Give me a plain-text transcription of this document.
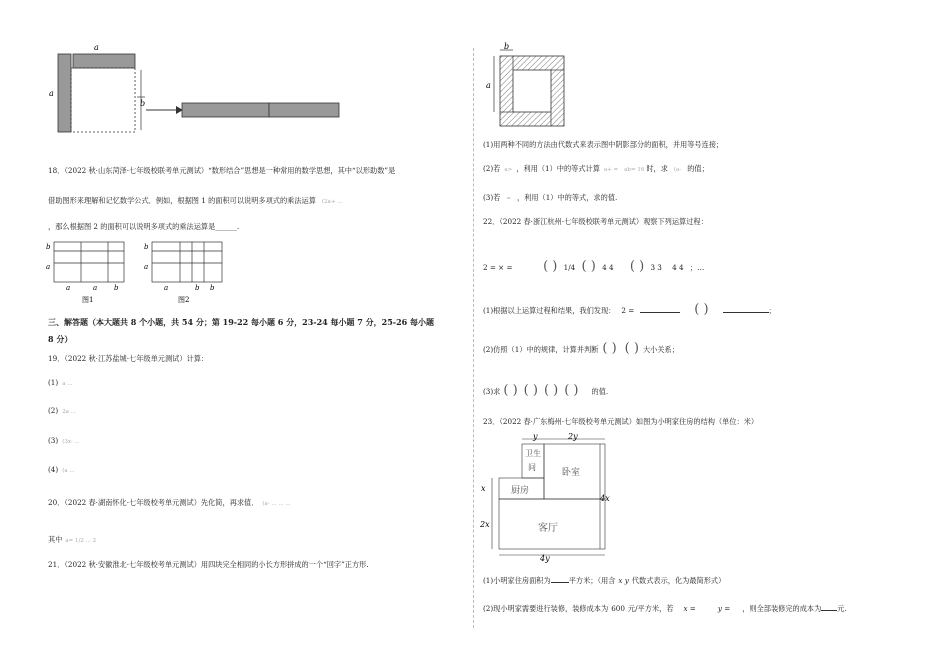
a
a
b
18．（2022 秋·山东菏泽·七年级校联考单元测试）“数形结合”思想是一种常用的数学思想，其中“以形助数”是
借助图形来理解和记忆数学公式．例如，根据图 1 的面积可以说明多项式的乘法运算 (2a+ ...
，那么根据图 2 的面积可以说明多项式的乘法运算是______.
b
a
a	a b
图1
b
a
a	b b
图2
三、解答题（本大题共 8 个小题，共 54 分；第 19-22 每小题 6 分，23-24 每小题 7 分，25-26 每小题
8 分）
19．（2022 秋·江苏盐城·七年级单元测试）计算：
(1) a ...
(2) 2a ...
(3) (3x- ...
(4) (a ...
20．（2022 春·湖南怀化·七年级校考单元测试）先化简，再求值． (a- ... ... ...
其中 a= 1/2 ... 2
21．（2022 秋·安徽淮北·七年级校考单元测试）用四块完全相同的小长方形拼成的一个“回字”正方形.
b
a
(1)用两种不同的方法由代数式来表示图中阴影部分的面积，并用等号连接；
(2)若 a> ，利用（1）中的等式计算 a+ = ab= 16 时，求 (a- 的值；
(3)若 = ，利用（1）中的等式，求的值.
22．（2022 春·浙江杭州·七年级校联考单元测试）观察下列运算过程：
2 = × = ( ) 1/4 ( ) 4 4 ( ) 3 3 4 4 ；…
(1)根据以上运算过程和结果，我们发现： 2 =	( )	；
(2)仿照（1）中的规律，计算并判断 ( ) ( ) 大小关系；
(3)求 ( ) ( ) ( ) ( ) 的值.
23．（2022 春·广东梅州·七年级校考单元测试）如图为小明家住房的结构（单位：米）
y	2y
卫生
间
卧室
厨房
客厅
x
2x
4x
4y
(1)小明家住房面积为	平方米；（用含 x y 代数式表示，化为最简形式）
(2)现小明家需要进行装修，装修成本为 600 元/平方米，若 x =	y = ，则全部装修完的成本为 元.
